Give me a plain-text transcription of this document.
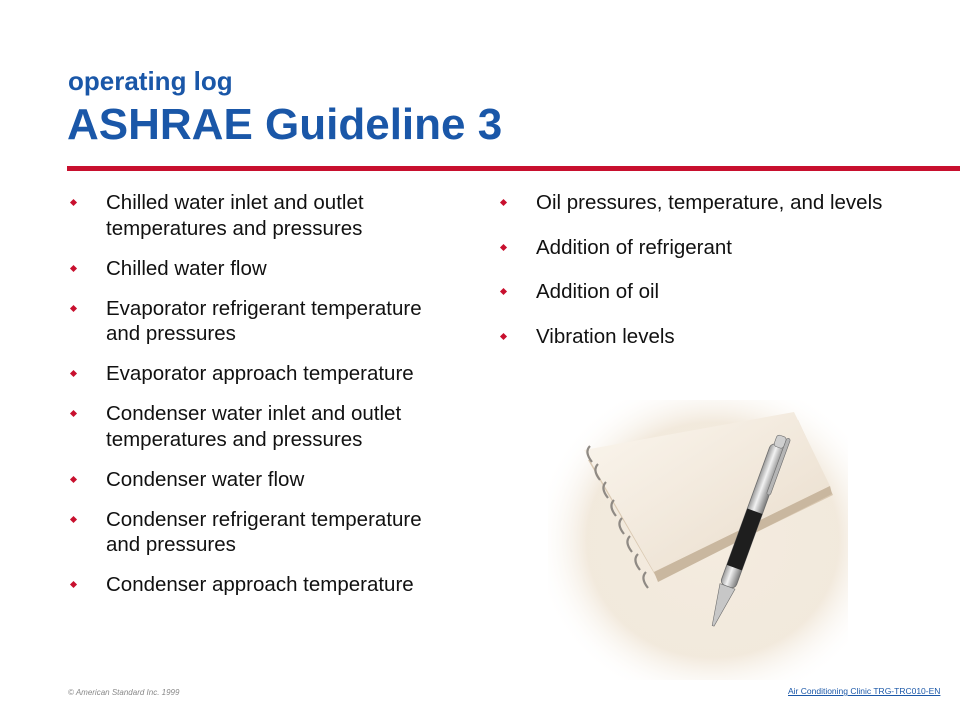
operating log
ASHRAE Guideline 3
Chilled water inlet and outlet temperatures and pressures
Chilled water flow
Evaporator refrigerant temperature and pressures
Evaporator approach temperature
Condenser water inlet and outlet temperatures and pressures
Condenser water flow
Condenser refrigerant temperature and pressures
Condenser approach temperature
Oil pressures, temperature, and levels
Addition of refrigerant
Addition of oil
Vibration levels
© American Standard Inc. 1999	Air Conditioning Clinic TRG-TRC010-EN
